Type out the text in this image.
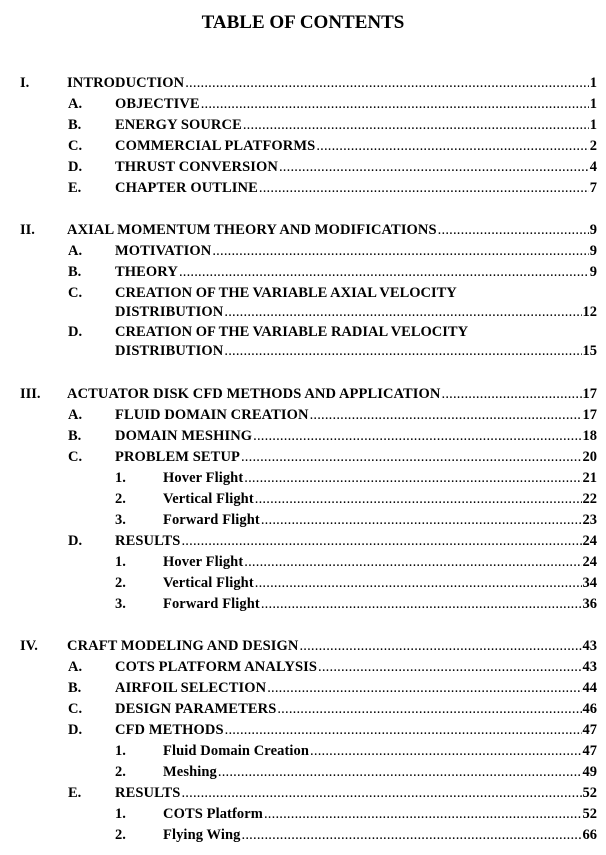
TABLE OF CONTENTS
I.	INTRODUCTION .....	1
A. OBJECTIVE .....	1
B. ENERGY SOURCE .....	1
C. COMMERCIAL PLATFORMS .....	2
D. THRUST CONVERSION .....	4
E. CHAPTER OUTLINE .....	7
II. AXIAL MOMENTUM THEORY AND MODIFICATIONS .....	9
A. MOTIVATION .....	9
B. THEORY .....	9
C. CREATION OF THE VARIABLE AXIAL VELOCITY
DISTRIBUTION .....	12
D. CREATION OF THE VARIABLE RADIAL VELOCITY
DISTRIBUTION .....	15
III. ACTUATOR DISK CFD METHODS AND APPLICATION .....	17
A. FLUID DOMAIN CREATION .....	17
B. DOMAIN MESHING .....	18
C. PROBLEM SETUP .....	20
1.	Hover Flight .....	21
2.	Vertical Flight .....	22
3.	Forward Flight .....	23
D. RESULTS .....	24
1.	Hover Flight .....	24
2.	Vertical Flight .....	34
3.	Forward Flight .....	36
IV. CRAFT MODELING AND DESIGN .....	43
A. COTS PLATFORM ANALYSIS .....	43
B. AIRFOIL SELECTION .....	44
C. DESIGN PARAMETERS .....	46
D. CFD METHODS .....	47
1.	Fluid Domain Creation .....	47
2.	Meshing .....	49
E. RESULTS .....	52
1.	COTS Platform .....	52
2.	Flying Wing .....	66
